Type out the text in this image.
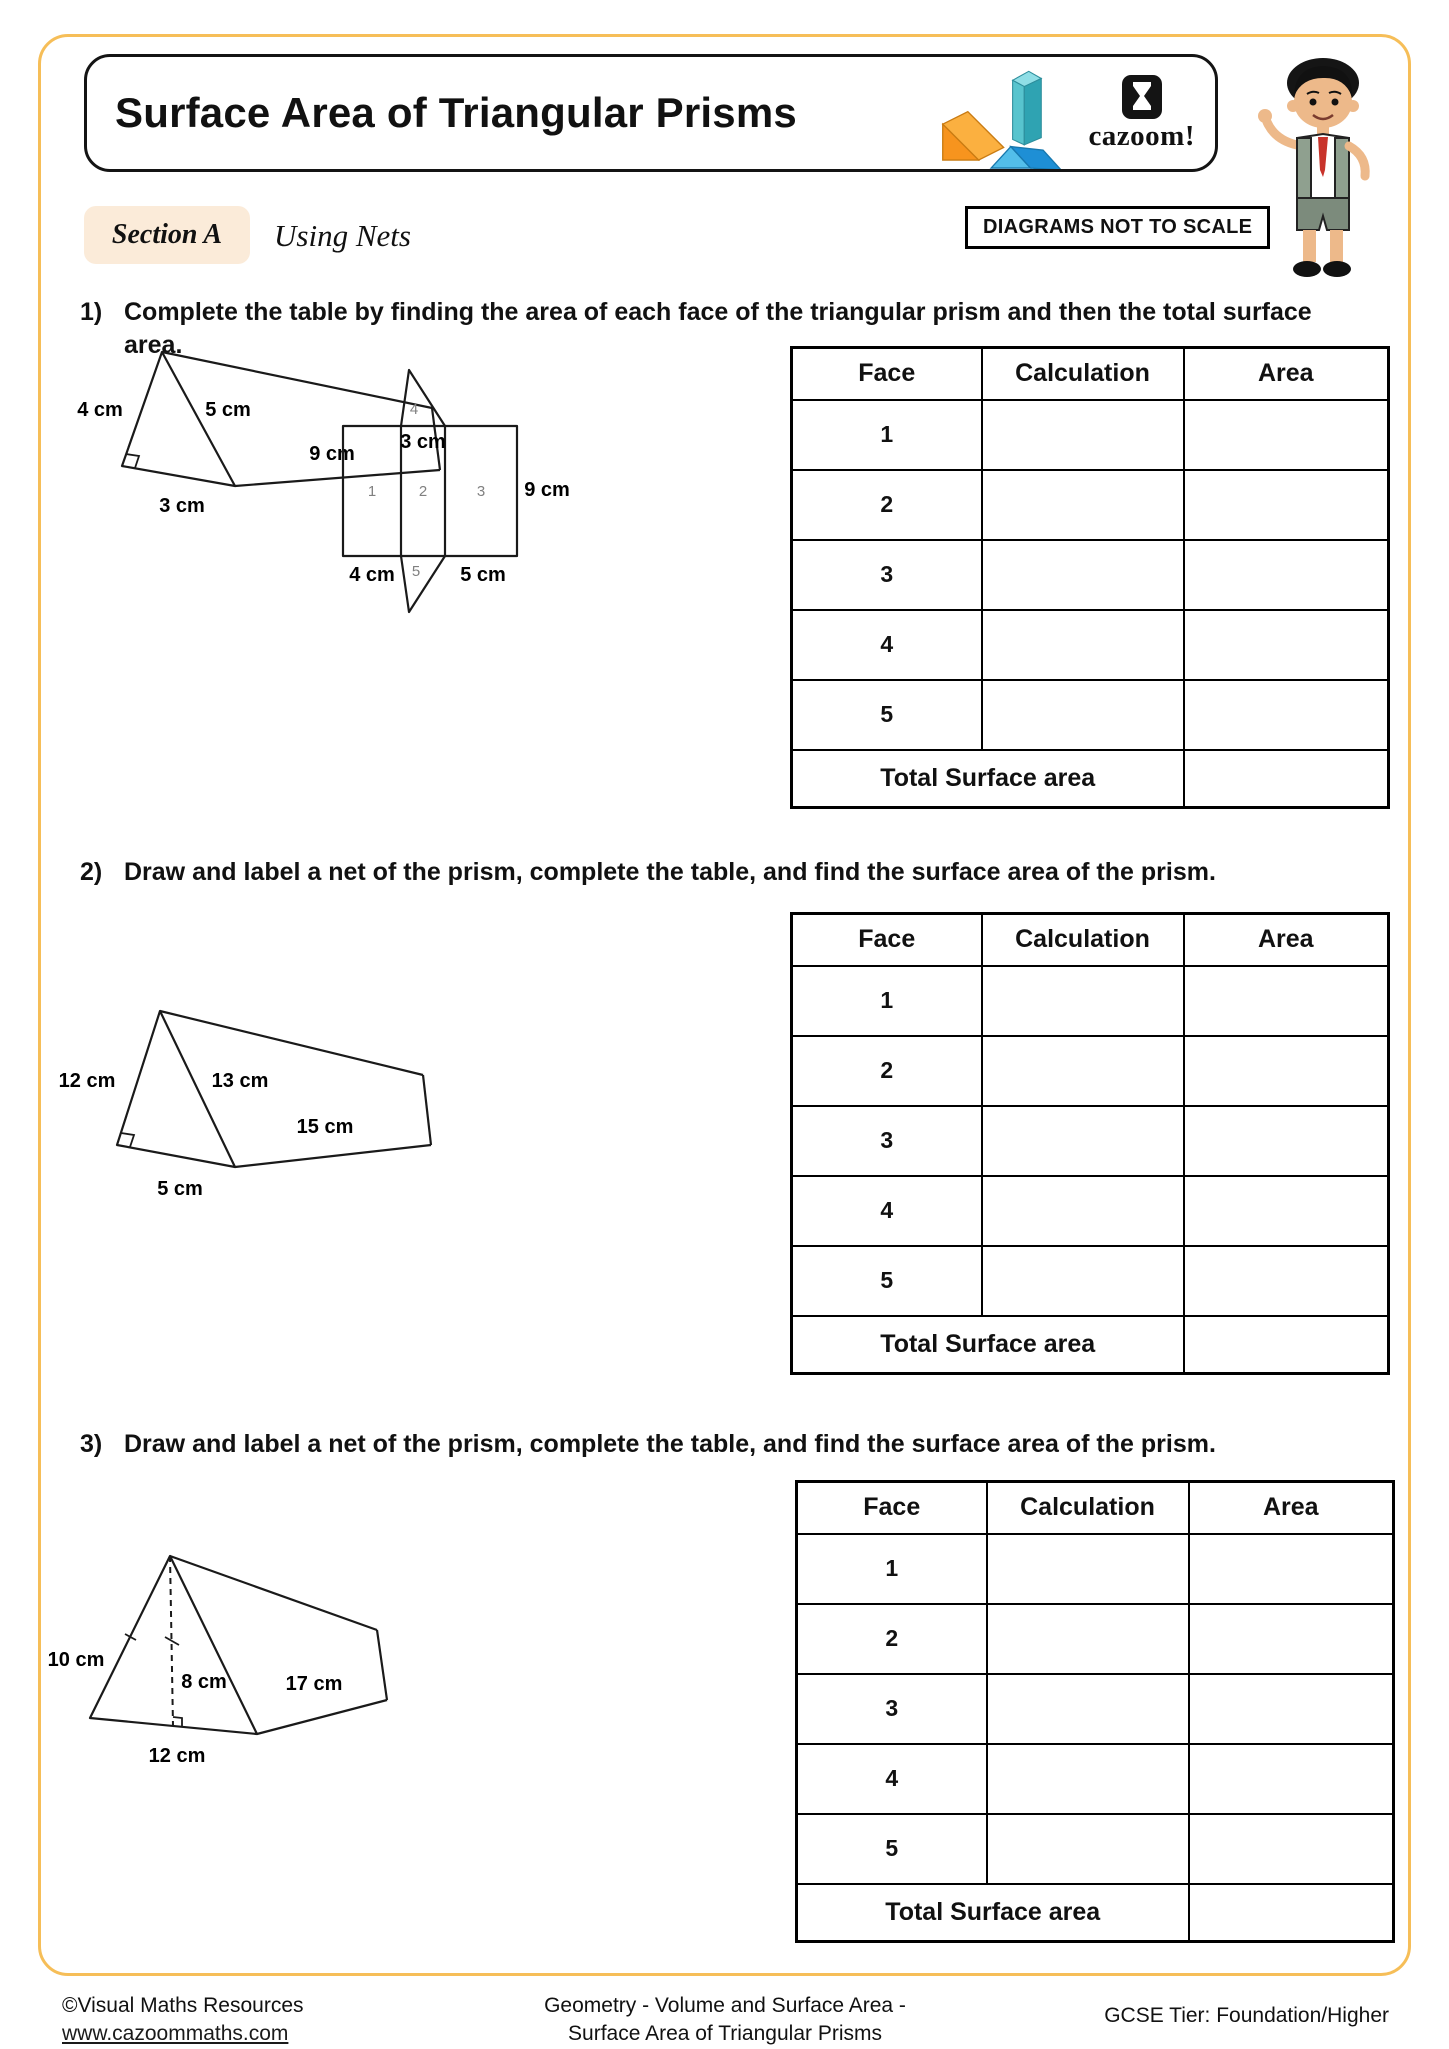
Surface Area of Triangular Prisms	cazoom!
Section A Using Nets	DIAGRAMS NOT TO SCALE
1) Complete the table by finding the area of each face of the triangular prism and then the total surface area.
4 cm	5 cm
9 cm
3 cm
4
3 cm
1	2	3 9 cm
4 cm 5 5 cm
Face	Calculation	Area
1		
2		
3		
4		
5		
Total Surface area		
2) Draw and label a net of the prism, complete the table, and find the surface area of the prism.
12 cm	13 cm
15 cm
5 cm
Face	Calculation	Area
1		
2		
3		
4		
5		
Total Surface area		
3) Draw and label a net of the prism, complete the table, and find the surface area of the prism.
10 cm
8 cm	17 cm
12 cm
Face	Calculation	Area
1		
2		
3		
4		
5		
Total Surface area		
©Visual Maths Resources
www.cazoommaths.com
Geometry - Volume and Surface Area -
Surface Area of Triangular Prisms
GCSE Tier: Foundation/Higher
